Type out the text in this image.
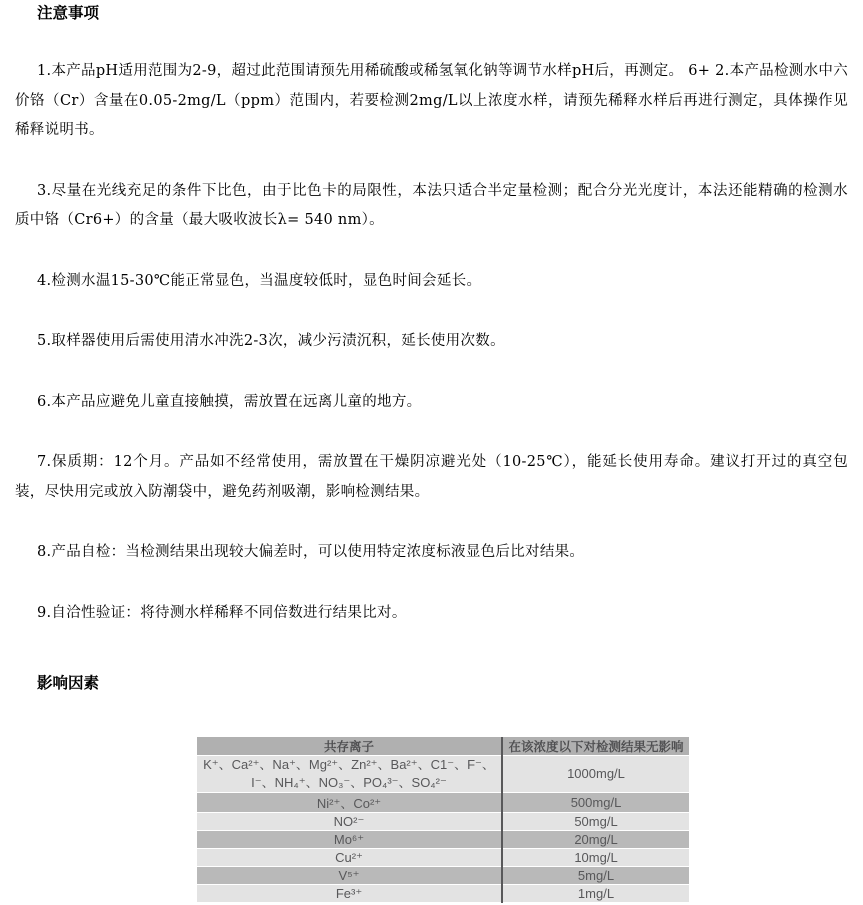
注意事项

1.本产品pH适用范围为2-9，超过此范围请预先用稀硫酸或稀氢氧化钠等调节水样pH后，再测定。 6+ 2.本产品检测水中六价铬（Cr）含量在0.05-2mg/L（ppm）范围内，若要检测2mg/L以上浓度水样，请预先稀释水样后再进行测定，具体操作见稀释说明书。

3.尽量在光线充足的条件下比色，由于比色卡的局限性，本法只适合半定量检测；配合分光光度计，本法还能精确的检测水质中铬（Cr6+）的含量（最大吸收波长λ= 540 nm）。

4.检测水温15-30℃能正常显色，当温度较低时，显色时间会延长。

5.取样器使用后需使用清水冲洗2-3次，减少污渍沉积，延长使用次数。

6.本产品应避免儿童直接触摸，需放置在远离儿童的地方。

7.保质期：12个月。产品如不经常使用，需放置在干燥阴凉避光处（10-25℃），能延长使用寿命。建议打开过的真空包装，尽快用完或放入防潮袋中，避免药剂吸潮，影响检测结果。

8.产品自检：当检测结果出现较大偏差时，可以使用特定浓度标液显色后比对结果。

9.自洽性验证：将待测水样稀释不同倍数进行结果比对。

影响因素
共存离子	在该浓度以下对检测结果无影响
K⁺、Ca²⁺、Na⁺、Mg²⁺、Zn²⁺、Ba²⁺、C1⁻、F⁻、I⁻、NH₄⁺、NO₃⁻、PO₄³⁻、SO₄²⁻	1000mg/L
Ni²⁺、Co²⁺	500mg/L
NO²⁻	50mg/L
Mo⁶⁺	20mg/L
Cu²⁺	10mg/L
V⁵⁺	5mg/L
Fe³⁺	1mg/L
